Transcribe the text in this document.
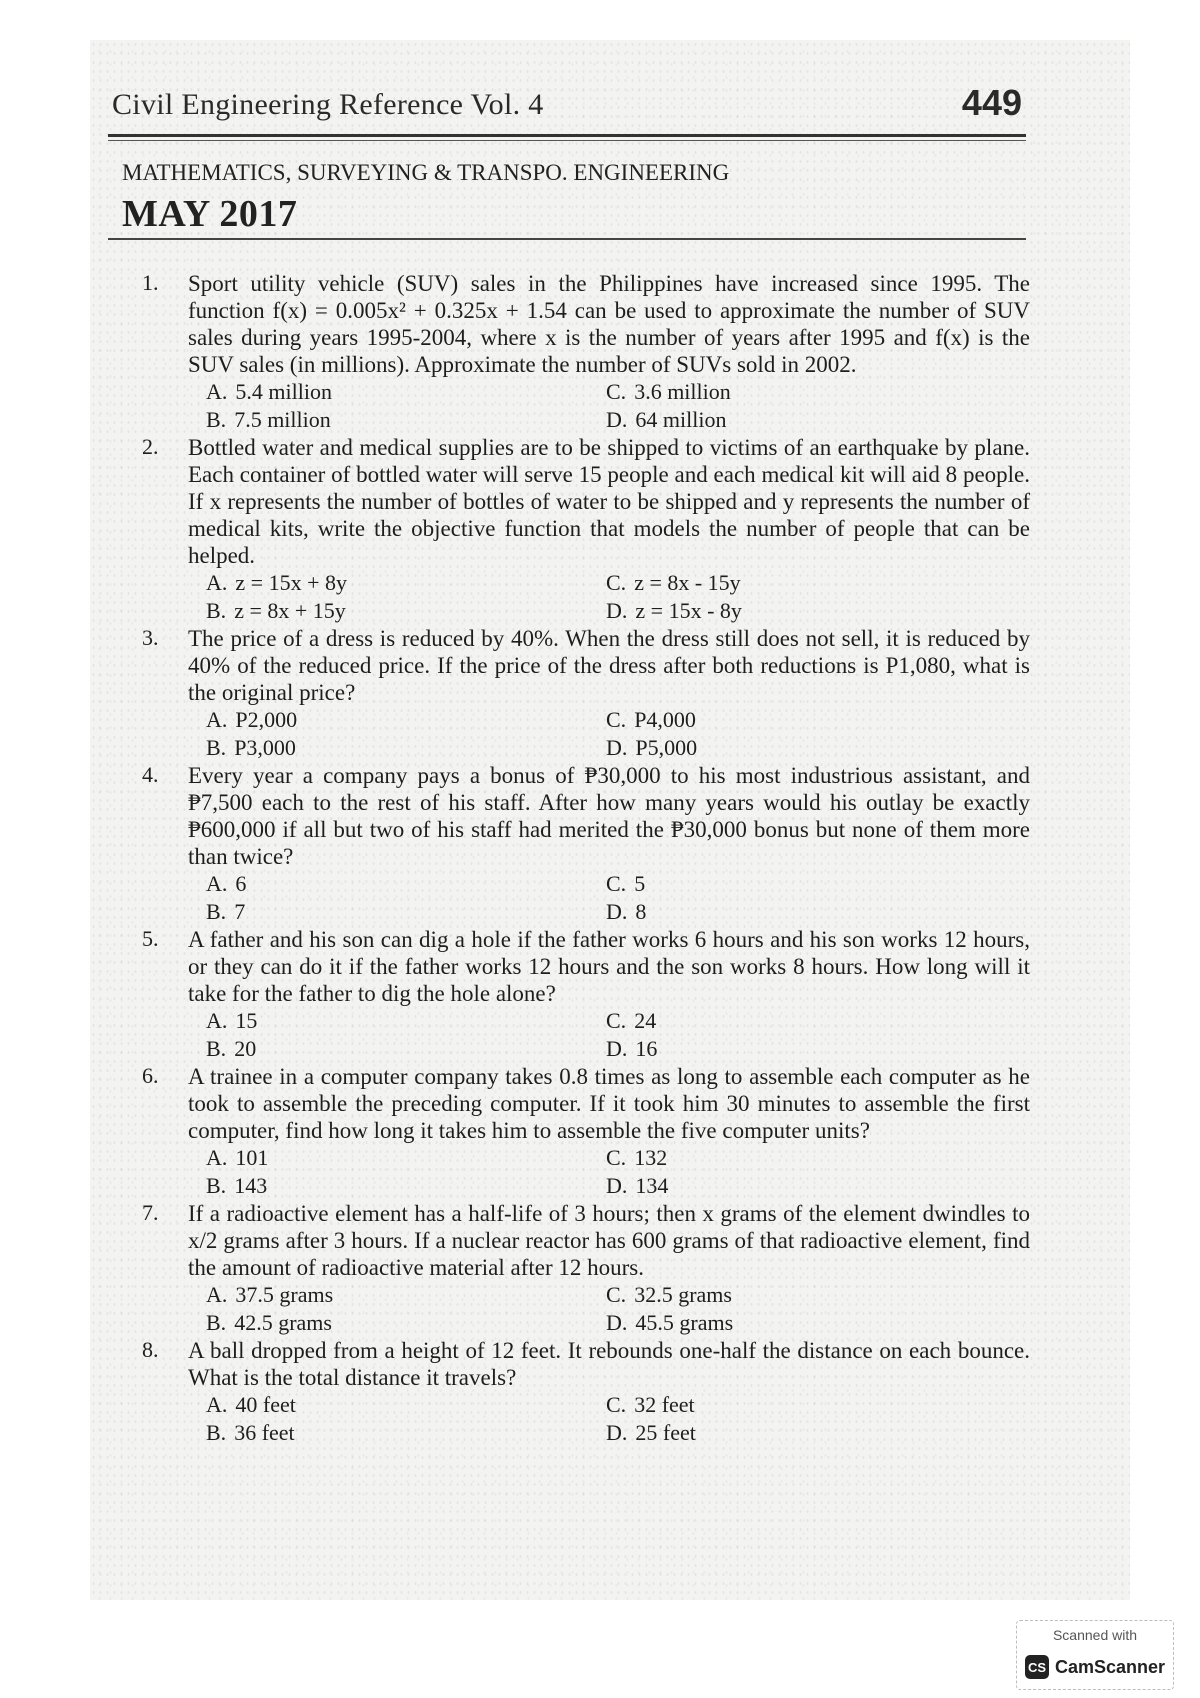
Civil Engineering Reference Vol. 4	449
MATHEMATICS, SURVEYING & TRANSPO. ENGINEERING
MAY 2017
1. Sport utility vehicle (SUV) sales in the Philippines have increased since 1995. The function f(x) = 0.005x² + 0.325x + 1.54 can be used to approximate the number of SUV sales during years 1995-2004, where x is the number of years after 1995 and f(x) is the SUV sales (in millions). Approximate the number of SUVs sold in 2002.
A. 5.4 million	C. 3.6 million
B. 7.5 million	D. 64 million
2. Bottled water and medical supplies are to be shipped to victims of an earthquake by plane. Each container of bottled water will serve 15 people and each medical kit will aid 8 people. If x represents the number of bottles of water to be shipped and y represents the number of medical kits, write the objective function that models the number of people that can be helped.
A. z = 15x + 8y	C. z = 8x - 15y
B. z = 8x + 15y	D. z = 15x - 8y
3. The price of a dress is reduced by 40%. When the dress still does not sell, it is reduced by 40% of the reduced price. If the price of the dress after both reductions is P1,080, what is the original price?
A. P2,000	C. P4,000
B. P3,000	D. P5,000
4. Every year a company pays a bonus of ₱30,000 to his most industrious assistant, and ₱7,500 each to the rest of his staff. After how many years would his outlay be exactly ₱600,000 if all but two of his staff had merited the ₱30,000 bonus but none of them more than twice?
A. 6	C. 5
B. 7	D. 8
5. A father and his son can dig a hole if the father works 6 hours and his son works 12 hours, or they can do it if the father works 12 hours and the son works 8 hours. How long will it take for the father to dig the hole alone?
A. 15	C. 24
B. 20	D. 16
6. A trainee in a computer company takes 0.8 times as long to assemble each computer as he took to assemble the preceding computer. If it took him 30 minutes to assemble the first computer, find how long it takes him to assemble the five computer units?
A. 101	C. 132
B. 143	D. 134
7. If a radioactive element has a half-life of 3 hours; then x grams of the element dwindles to x/2 grams after 3 hours. If a nuclear reactor has 600 grams of that radioactive element, find the amount of radioactive material after 12 hours.
A. 37.5 grams	C. 32.5 grams
B. 42.5 grams	D. 45.5 grams
8. A ball dropped from a height of 12 feet. It rebounds one-half the distance on each bounce. What is the total distance it travels?
A. 40 feet	C. 32 feet
B. 36 feet	D. 25 feet
Scanned with
CS CamScanner
